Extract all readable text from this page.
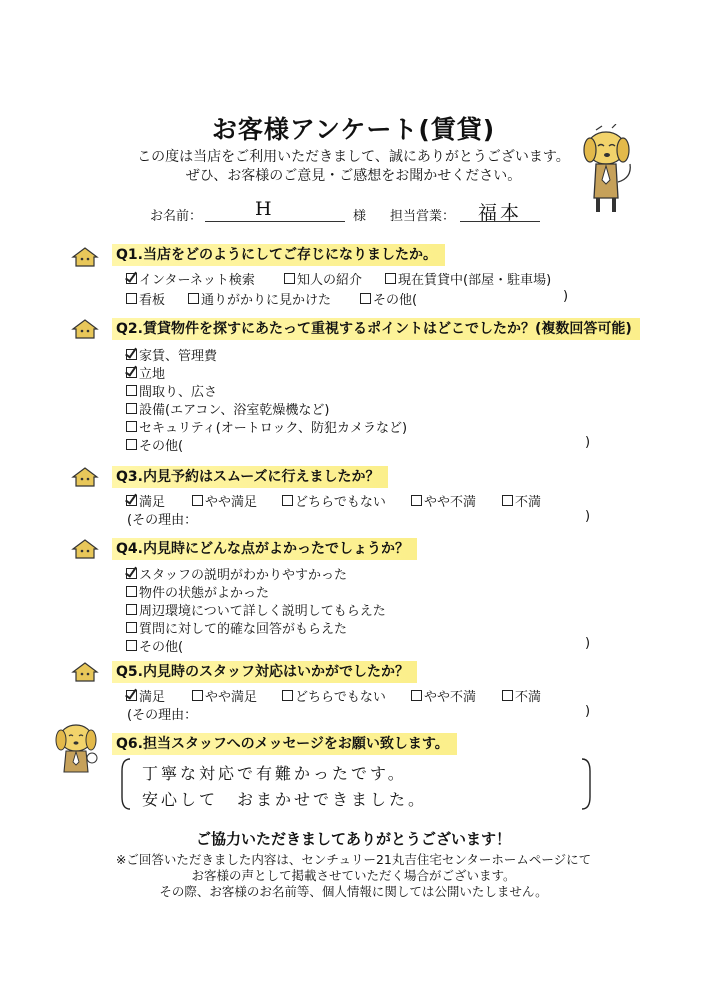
お客様アンケート(賃貸)
この度は当店をご利用いただきまして、誠にありがとうございます。
ぜひ、お客様のご意見・ご感想をお聞かせください。
お名前：	H	様 担当営業： 福本
Q1.当店をどのようにしてご存じになりましたか。
インターネット検索	知人の紹介	現在賃貸中(部屋・駐車場)
看板	通りがかりに見かけた	その他(	)
Q2.賃貸物件を探すにあたって重視するポイントはどこでしたか？(複数回答可能)
家賃、管理費
立地
間取り、広さ
設備(エアコン、浴室乾燥機など)
セキュリティ(オートロック、防犯カメラなど)
その他(	)
Q3.内見予約はスムーズに行えましたか？
満足	やや満足	どちらでもない	やや不満	不満
(その理由：	)
Q4.内見時にどんな点がよかったでしょうか？
スタッフの説明がわかりやすかった
物件の状態がよかった
周辺環境について詳しく説明してもらえた
質問に対して的確な回答がもらえた
その他(	)
Q5.内見時のスタッフ対応はいかがでしたか？
満足	やや満足	どちらでもない	やや不満	不満
(その理由：	)
Q6.担当スタッフへのメッセージをお願い致します。
丁寧な対応で有難かったです。
安心して　おまかせできました。
ご協力いただきましてありがとうございます！
※ご回答いただきました内容は、センチュリー21丸吉住宅センターホームページにて
お客様の声として掲載させていただく場合がございます。
その際、お客様のお名前等、個人情報に関しては公開いたしません。
